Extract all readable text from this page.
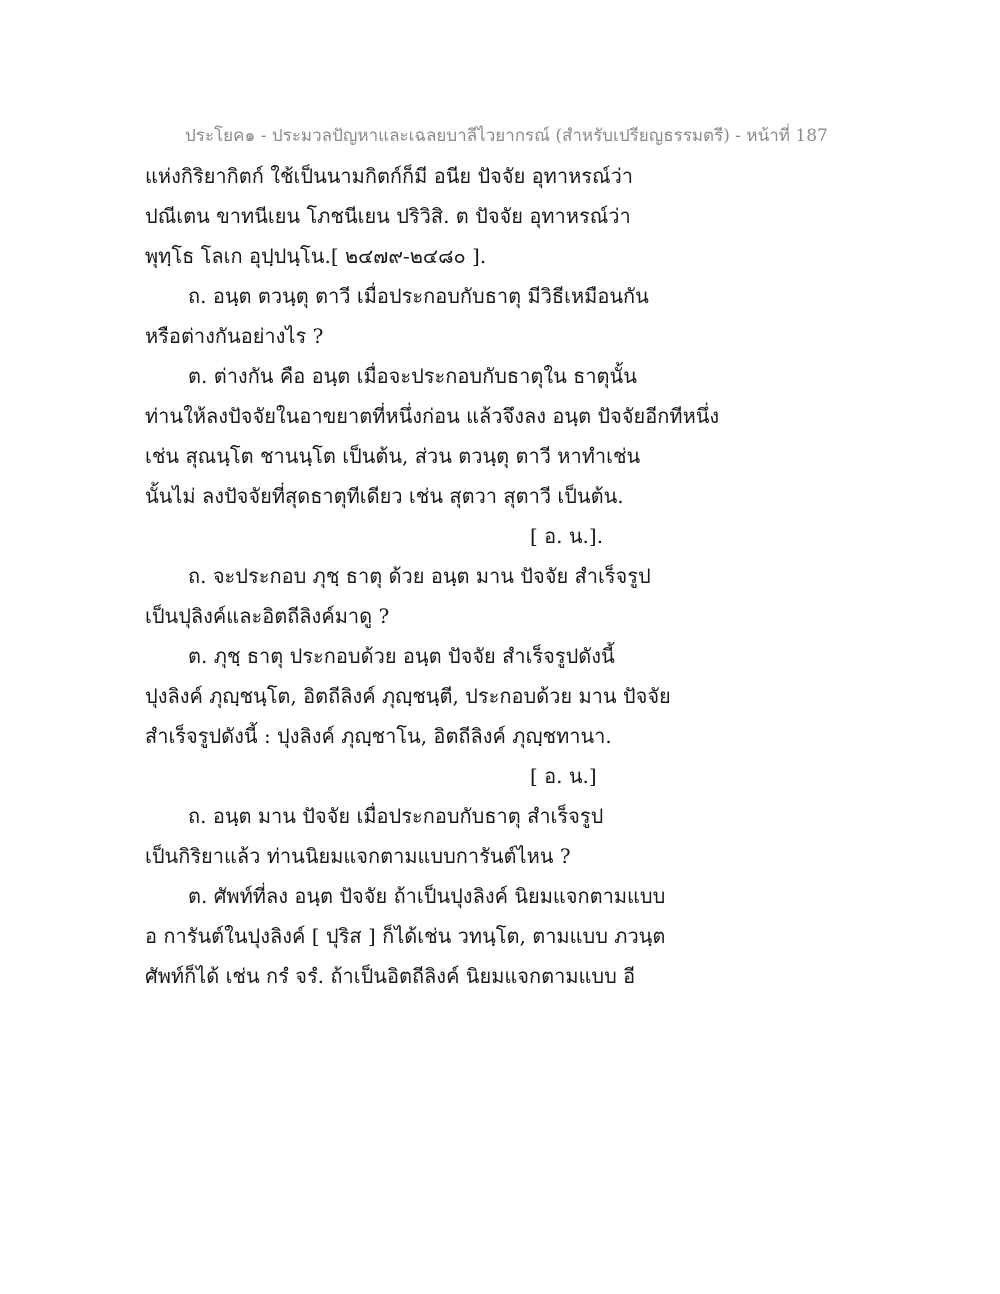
ประโยค๑ - ประมวลปัญหาและเฉลยบาลีไวยากรณ์ (สำหรับเปรียญธรรมตรี) - หน้าที่ 187
แห่งกิริยากิตก์ ใช้เป็นนามกิตก์ก็มี อนีย ปัจจัย อุทาหรณ์ว่า
ปณีเตน ขาทนีเยน โภชนีเยน ปริวิสิ. ต ปัจจัย อุทาหรณ์ว่า
พุทฺโธ โลเก อุปฺปนฺโน.[ ๒๔๗๙-๒๔๘๐ ].
ถ. อนฺต ตวนฺตุ ตาวี เมื่อประกอบกับธาตุ มีวิธีเหมือนกัน
หรือต่างกันอย่างไร ?
ต. ต่างกัน คือ อนฺต เมื่อจะประกอบกับธาตุใน ธาตุนั้น
ท่านให้ลงปัจจัยในอาขยาตที่หนึ่งก่อน แล้วจึงลง อนฺต ปัจจัยอีกทีหนึ่ง
เช่น สุณนฺโต ชานนฺโต เป็นต้น, ส่วน ตวนฺตุ ตาวี หาทำเช่น
นั้นไม่ ลงปัจจัยที่สุดธาตุทีเดียว เช่น สุตวา สุตาวี เป็นต้น.
[ อ. น.].
ถ. จะประกอบ ภุชฺ ธาตุ ด้วย อนฺต มาน ปัจจัย สำเร็จรูป
เป็นปุลิงค์และอิตถีลิงค์มาดู ?
ต. ภุชฺ ธาตุ ประกอบด้วย อนฺต ปัจจัย สำเร็จรูปดังนี้
ปุงลิงค์ ภุญฺชนฺโต, อิตถีลิงค์ ภุญฺชนฺตี, ประกอบด้วย มาน ปัจจัย
สำเร็จรูปดังนี้ : ปุงลิงค์ ภุญฺชาโน, อิตถีลิงค์ ภุญฺชทานา.
[ อ. น.]
ถ. อนฺต มาน ปัจจัย เมื่อประกอบกับธาตุ สำเร็จรูป
เป็นกิริยาแล้ว ท่านนิยมแจกตามแบบการันต์ไหน ?
ต. ศัพท์ที่ลง อนฺต ปัจจัย ถ้าเป็นปุงลิงค์ นิยมแจกตามแบบ
อ การันต์ในปุงลิงค์ [ ปุริส ] ก็ได้เช่น วทนฺโต, ตามแบบ ภวนฺต
ศัพท์ก็ได้ เช่น กรํ จรํ. ถ้าเป็นอิตถีลิงค์ นิยมแจกตามแบบ อี
